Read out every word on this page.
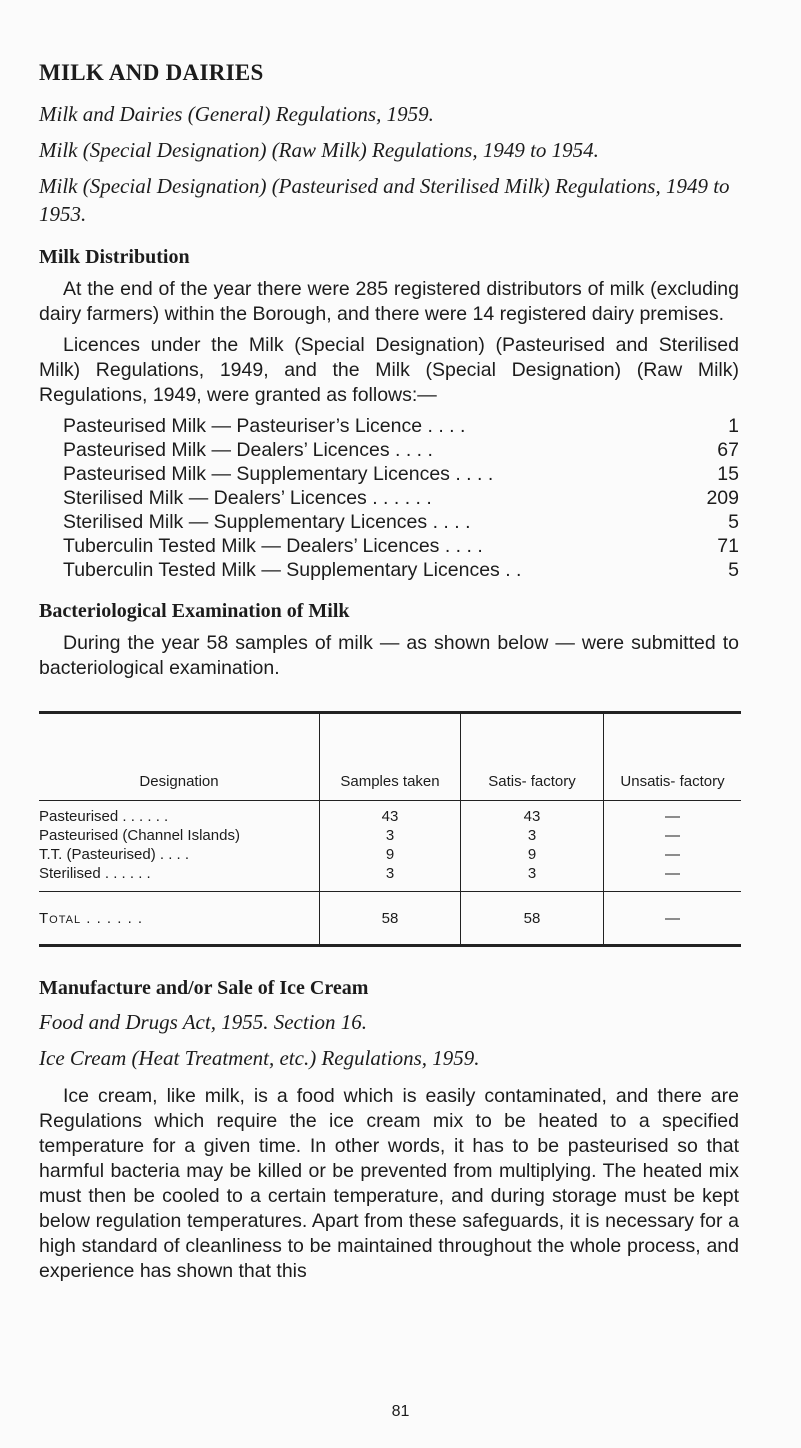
MILK AND DAIRIES

Milk and Dairies (General) Regulations, 1959.

Milk (Special Designation) (Raw Milk) Regulations, 1949 to 1954.

Milk (Special Designation) (Pasteurised and Sterilised Milk) Regulations, 1949 to 1953.

Milk Distribution

At the end of the year there were 285 registered distributors of milk (excluding dairy farmers) within the Borough, and there were 14 registered dairy premises.

Licences under the Milk (Special Designation) (Pasteurised and Sterilised Milk) Regulations, 1949, and the Milk (Special Designation) (Raw Milk) Regulations, 1949, were granted as follows:—

Pasteurised Milk — Pasteuriser’s Licence . . . .	1
Pasteurised Milk — Dealers’ Licences . . . .	67
Pasteurised Milk — Supplementary Licences . . . .	15
Sterilised Milk — Dealers’ Licences . . . . . .	209
Sterilised Milk — Supplementary Licences . . . .	5
Tuberculin Tested Milk — Dealers’ Licences . . . .	71
Tuberculin Tested Milk — Supplementary Licences . .	5
Bacteriological Examination of Milk

During the year 58 samples of milk — as shown below — were submitted to bacteriological examination.

Designation	Samples taken	Satis- factory	Unsatis- factory
Pasteurised . . . . . .	43	43	—
Pasteurised (Channel Islands)	3	3	—
T.T. (Pasteurised) . . . .	9	9	—
Sterilised . . . . . .	3	3	—
Total . . . . . .	58	58	—
Manufacture and/or Sale of Ice Cream

Food and Drugs Act, 1955. Section 16.

Ice Cream (Heat Treatment, etc.) Regulations, 1959.

Ice cream, like milk, is a food which is easily contaminated, and there are Regulations which require the ice cream mix to be heated to a specified temperature for a given time. In other words, it has to be pasteurised so that harmful bacteria may be killed or be prevented from multiplying. The heated mix must then be cooled to a certain temperature, and during storage must be kept below regulation temperatures. Apart from these safeguards, it is necessary for a high standard of cleanliness to be maintained throughout the whole process, and experience has shown that this

81
